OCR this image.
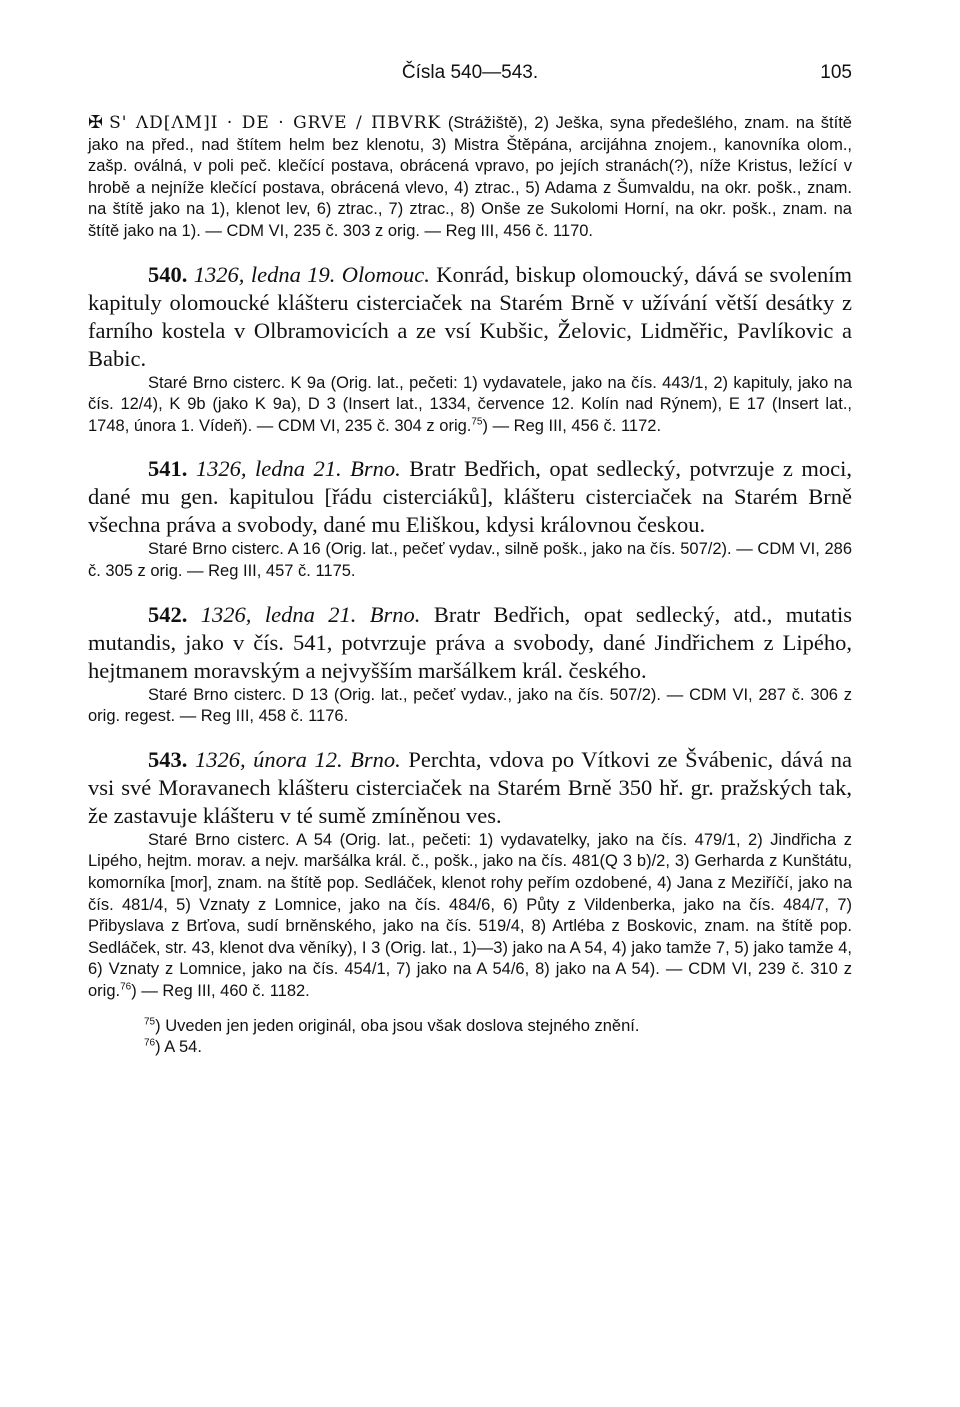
Čísla 540—543.	105

✠ S' ΛD[ΛM]I · DE · GRVE / ΠBVRK (Strážiště), 2) Ješka, syna předešlého, znam. na štítě jako na před., nad štítem helm bez klenotu, 3) Mistra Štěpána, arcijáhna znojem., kanovníka olom., zašp. oválná, v poli peč. klečící postava, obrácená vpravo, po jejích stranách(?), níže Kristus, ležící v hrobě a nejníže klečící postava, obrácená vlevo, 4) ztrac., 5) Adama z Šumvaldu, na okr. pošk., znam. na štítě jako na 1), klenot lev, 6) ztrac., 7) ztrac., 8) Onše ze Sukolomi Horní, na okr. pošk., znam. na štítě jako na 1). — CDM VI, 235 č. 303 z orig. — Reg III, 456 č. 1170.

540. 1326, ledna 19. Olomouc. Konrád, biskup olomoucký, dává se svolením kapituly olomoucké klášteru cisterciaček na Starém Brně v užívání větší desátky z farního kostela v Olbramovicích a ze vsí Kubšic, Želovic, Lidměřic, Pavlíkovic a Babic.

Staré Brno cisterc. K 9a (Orig. lat., pečeti: 1) vydavatele, jako na čís. 443/1, 2) kapituly, jako na čís. 12/4), K 9b (jako K 9a), D 3 (Insert lat., 1334, července 12. Kolín nad Rýnem), E 17 (Insert lat., 1748, února 1. Vídeň). — CDM VI, 235 č. 304 z orig.$^{75}$) — Reg III, 456 č. 1172.

541. 1326, ledna 21. Brno. Bratr Bedřich, opat sedlecký, potvrzuje z moci, dané mu gen. kapitulou [řádu cisterciáků], klášteru cisterciaček na Starém Brně všechna práva a svobody, dané mu Eliškou, kdysi královnou českou.

Staré Brno cisterc. A 16 (Orig. lat., pečeť vydav., silně pošk., jako na čís. 507/2). — CDM VI, 286 č. 305 z orig. — Reg III, 457 č. 1175.

542. 1326, ledna 21. Brno. Bratr Bedřich, opat sedlecký, atd., mutatis mutandis, jako v čís. 541, potvrzuje práva a svobody, dané Jindřichem z Lipého, hejtmanem moravským a nejvyšším maršálkem král. českého.

Staré Brno cisterc. D 13 (Orig. lat., pečeť vydav., jako na čís. 507/2). — CDM VI, 287 č. 306 z orig. regest. — Reg III, 458 č. 1176.

543. 1326, února 12. Brno. Perchta, vdova po Vítkovi ze Švábenic, dává na vsi své Moravanech klášteru cisterciaček na Starém Brně 350 hř. gr. pražských tak, že zastavuje klášteru v té sumě zmíněnou ves.

Staré Brno cisterc. A 54 (Orig. lat., pečeti: 1) vydavatelky, jako na čís. 479/1, 2) Jindřicha z Lipého, hejtm. morav. a nejv. maršálka král. č., pošk., jako na čís. 481(Q 3 b)/2, 3) Gerharda z Kunštátu, komorníka [mor], znam. na štítě pop. Sedláček, klenot rohy peřím ozdobené, 4) Jana z Meziříčí, jako na čís. 481/4, 5) Vznaty z Lomnice, jako na čís. 484/6, 6) Půty z Vildenberka, jako na čís. 484/7, 7) Přibyslava z Brťova, sudí brněnského, jako na čís. 519/4, 8) Artléba z Boskovic, znam. na štítě pop. Sedláček, str. 43, klenot dva věníky), I 3 (Orig. lat., 1)—3) jako na A 54, 4) jako tamže 7, 5) jako tamže 4, 6) Vznaty z Lomnice, jako na čís. 454/1, 7) jako na A 54/6, 8) jako na A 54). — CDM VI, 239 č. 310 z orig.$^{76}$) — Reg III, 460 č. 1182.

$^{75}$) Uveden jen jeden originál, oba jsou však doslova stejného znění.

$^{76}$) A 54.
